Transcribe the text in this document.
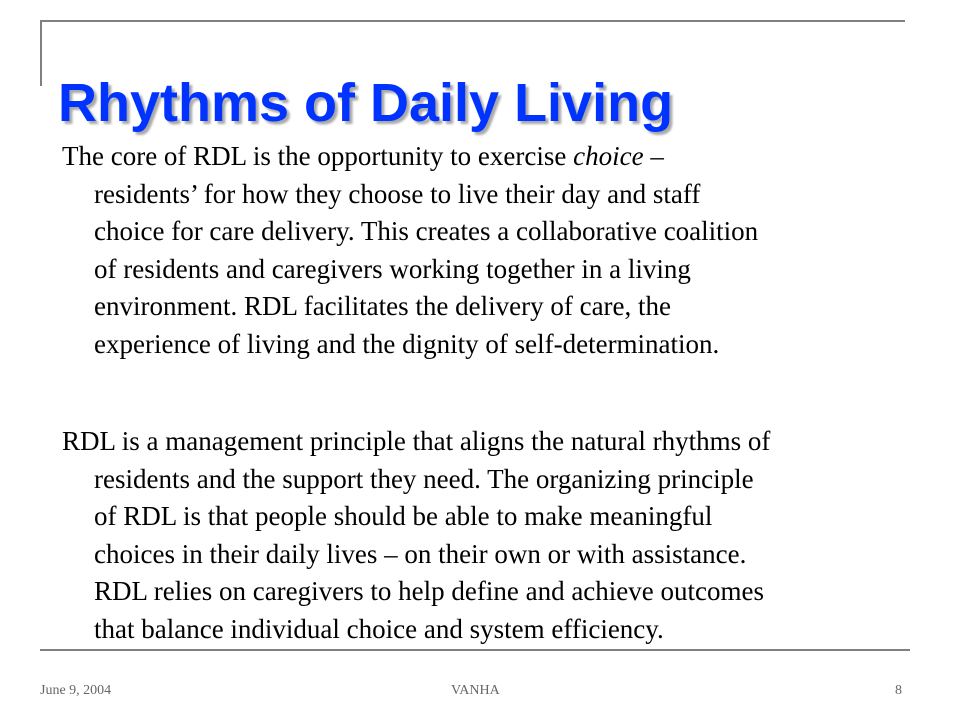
Rhythms of Daily Living
The core of RDL is the opportunity to exercise choice –
residents’ for how they choose to live their day and staff
choice for care delivery. This creates a collaborative coalition
of residents and caregivers working together in a living
environment. RDL facilitates the delivery of care, the
experience of living and the dignity of self-determination.
RDL is a management principle that aligns the natural rhythms of
residents and the support they need. The organizing principle
of RDL is that people should be able to make meaningful
choices in their daily lives – on their own or with assistance.
RDL relies on caregivers to help define and achieve outcomes
that balance individual choice and system efficiency.
June 9, 2004	VANHA	8
